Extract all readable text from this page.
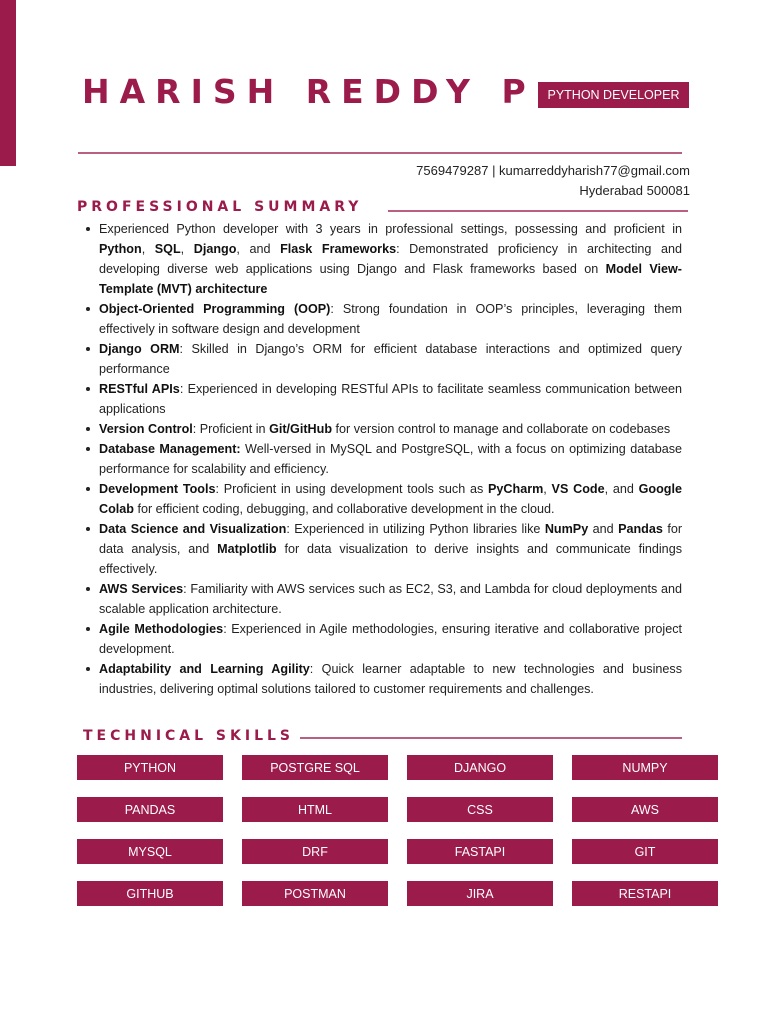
HARISH REDDY P PYTHON DEVELOPER
7569479287 | kumarreddyharish77@gmail.com
Hyderabad 500081
PROFESSIONAL SUMMARY
Experienced Python developer with 3 years in professional settings, possessing and proficient in Python, SQL, Django, and Flask Frameworks: Demonstrated proficiency in architecting and developing diverse web applications using Django and Flask frameworks based on Model View-Template (MVT) architecture
Object-Oriented Programming (OOP): Strong foundation in OOP’s principles, leveraging them effectively in software design and development
Django ORM: Skilled in Django’s ORM for efficient database interactions and optimized query performance
RESTful APIs: Experienced in developing RESTful APIs to facilitate seamless communication between applications
Version Control: Proficient in Git/GitHub for version control to manage and collaborate on codebases
Database Management: Well-versed in MySQL and PostgreSQL, with a focus on optimizing database performance for scalability and efficiency.
Development Tools: Proficient in using development tools such as PyCharm, VS Code, and Google Colab for efficient coding, debugging, and collaborative development in the cloud.
Data Science and Visualization: Experienced in utilizing Python libraries like NumPy and Pandas for data analysis, and Matplotlib for data visualization to derive insights and communicate findings effectively.
AWS Services: Familiarity with AWS services such as EC2, S3, and Lambda for cloud deployments and scalable application architecture.
Agile Methodologies: Experienced in Agile methodologies, ensuring iterative and collaborative project development.
Adaptability and Learning Agility: Quick learner adaptable to new technologies and business industries, delivering optimal solutions tailored to customer requirements and challenges.
TECHNICAL SKILLS
PYTHON	POSTGRE SQL	DJANGO	NUMPY
PANDAS	HTML	CSS	AWS
MYSQL	DRF	FASTAPI	GIT
GITHUB	POSTMAN	JIRA	RESTAPI
